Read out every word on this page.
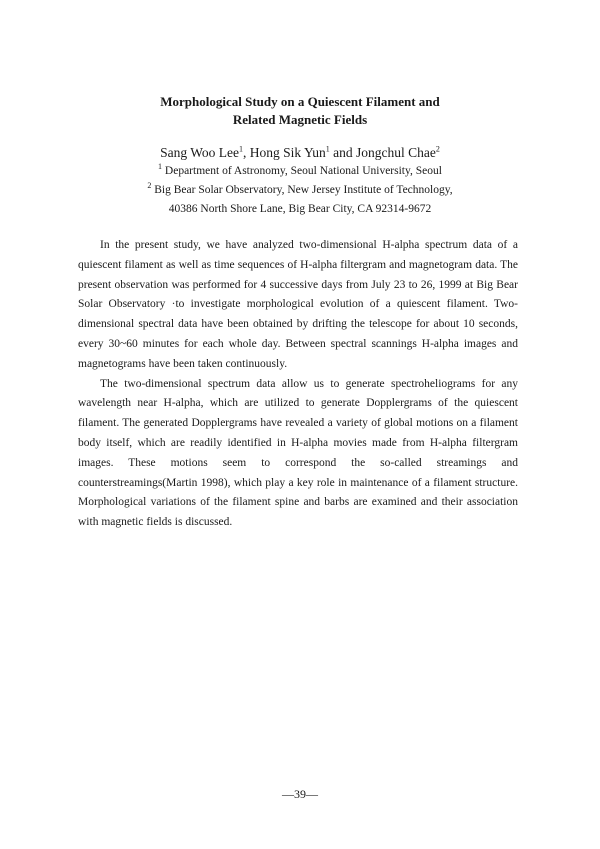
Morphological Study on a Quiescent Filament and
Related Magnetic Fields
Sang Woo Lee$^1$, Hong Sik Yun$^1$ and Jongchul Chae$^2$
$^1$ Department of Astronomy, Seoul National University, Seoul
$^2$ Big Bear Solar Observatory, New Jersey Institute of Technology,
40386 North Shore Lane, Big Bear City, CA 92314-9672

In the present study, we have analyzed two-dimensional H-alpha spectrum data of a quiescent filament as well as time sequences of H-alpha filtergram and magnetogram data. The present observation was performed for 4 successive days from July 23 to 26, 1999 at Big Bear Solar Observatory ·to investigate morphological evolution of a quiescent filament. Two-dimensional spectral data have been obtained by drifting the telescope for about 10 seconds, every 30~60 minutes for each whole day. Between spectral scannings H-alpha images and magnetograms have been taken continuously.

The two-dimensional spectrum data allow us to generate spectroheliograms for any wavelength near H-alpha, which are utilized to generate Dopplergrams of the quiescent filament. The generated Dopplergrams have revealed a variety of global motions on a filament body itself, which are readily identified in H-alpha movies made from H-alpha filtergram images. These motions seem to correspond the so-called streamings and counterstreamings(Martin 1998), which play a key role in maintenance of a filament structure. Morphological variations of the filament spine and barbs are examined and their association with magnetic fields is discussed.

—39—
